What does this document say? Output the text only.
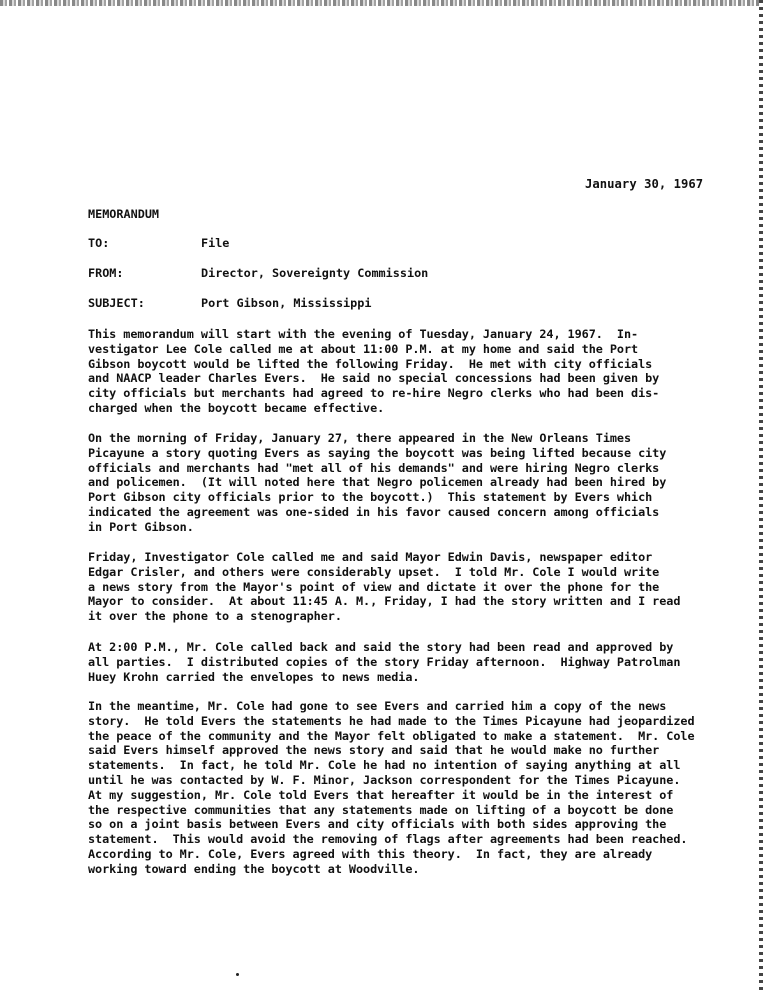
January 30, 1967
MEMORANDUM
TO:	File
FROM:	Director, Sovereignty Commission
SUBJECT:	Port Gibson, Mississippi
This memorandum will start with the evening of Tuesday, January 24, 1967.  In-
vestigator Lee Cole called me at about 11:00 P.M. at my home and said the Port
Gibson boycott would be lifted the following Friday.  He met with city officials
and NAACP leader Charles Evers.  He said no special concessions had been given by
city officials but merchants had agreed to re-hire Negro clerks who had been dis-
charged when the boycott became effective.
On the morning of Friday, January 27, there appeared in the New Orleans Times
Picayune a story quoting Evers as saying the boycott was being lifted because city
officials and merchants had "met all of his demands" and were hiring Negro clerks
and policemen.  (It will noted here that Negro policemen already had been hired by
Port Gibson city officials prior to the boycott.)  This statement by Evers which
indicated the agreement was one-sided in his favor caused concern among officials
in Port Gibson.
Friday, Investigator Cole called me and said Mayor Edwin Davis, newspaper editor
Edgar Crisler, and others were considerably upset.  I told Mr. Cole I would write
a news story from the Mayor's point of view and dictate it over the phone for the
Mayor to consider.  At about 11:45 A. M., Friday, I had the story written and I read
it over the phone to a stenographer.
At 2:00 P.M., Mr. Cole called back and said the story had been read and approved by
all parties.  I distributed copies of the story Friday afternoon.  Highway Patrolman
Huey Krohn carried the envelopes to news media.
In the meantime, Mr. Cole had gone to see Evers and carried him a copy of the news
story.  He told Evers the statements he had made to the Times Picayune had jeopardized
the peace of the community and the Mayor felt obligated to make a statement.  Mr. Cole
said Evers himself approved the news story and said that he would make no further
statements.  In fact, he told Mr. Cole he had no intention of saying anything at all
until he was contacted by W. F. Minor, Jackson correspondent for the Times Picayune.
At my suggestion, Mr. Cole told Evers that hereafter it would be in the interest of
the respective communities that any statements made on lifting of a boycott be done
so on a joint basis between Evers and city officials with both sides approving the
statement.  This would avoid the removing of flags after agreements had been reached.
According to Mr. Cole, Evers agreed with this theory.  In fact, they are already
working toward ending the boycott at Woodville.
